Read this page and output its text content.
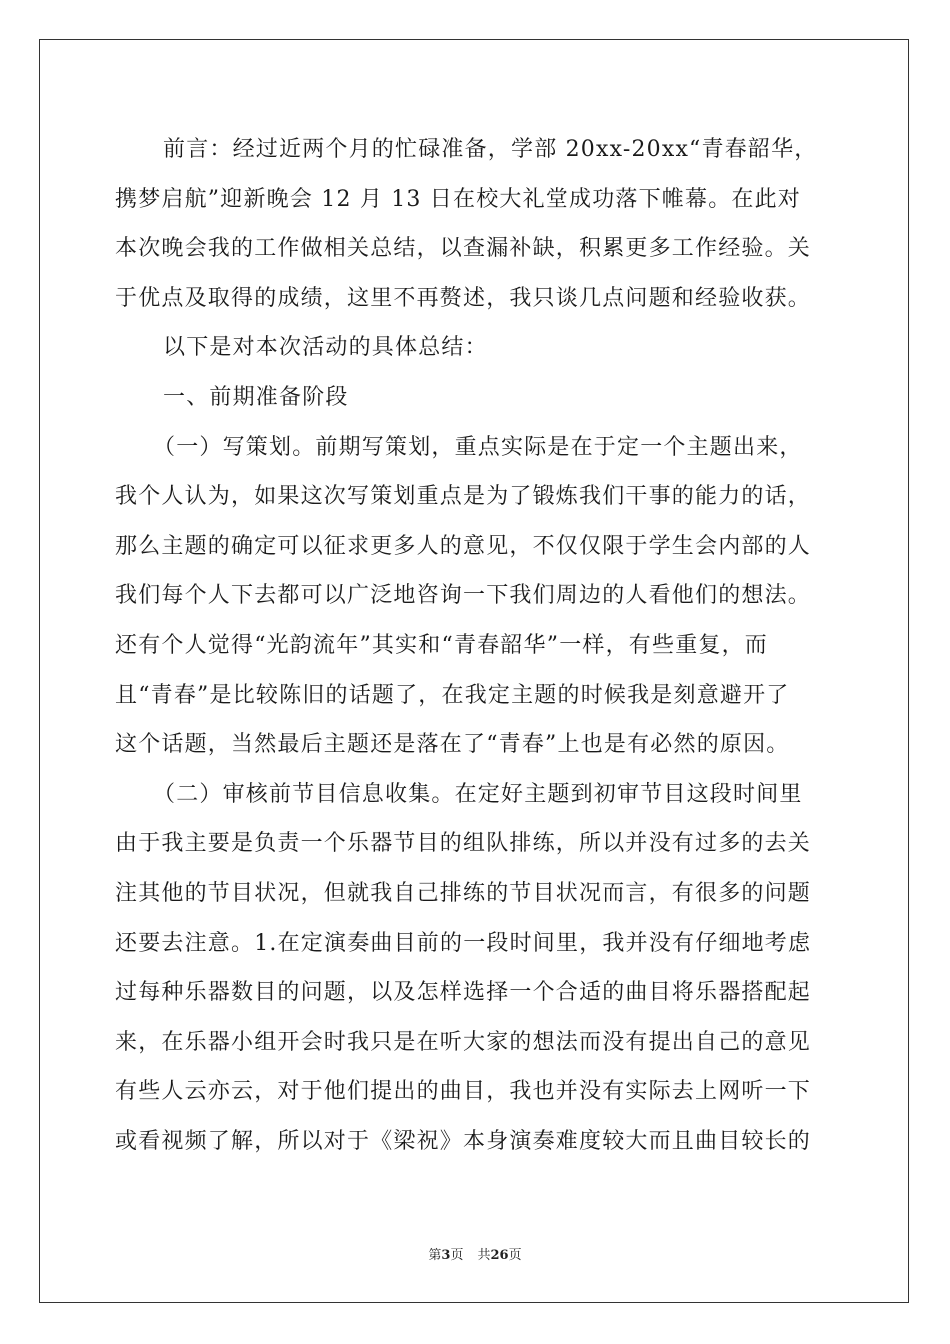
前言：经过近两个月的忙碌准备，学部 20xx-20xx“青春韶华，
携梦启航”迎新晚会 12 月 13 日在校大礼堂成功落下帷幕。在此对
本次晚会我的工作做相关总结，以查漏补缺，积累更多工作经验。关
于优点及取得的成绩，这里不再赘述，我只谈几点问题和经验收获。
以下是对本次活动的具体总结：
一、前期准备阶段
（一）写策划。前期写策划，重点实际是在于定一个主题出来，
我个人认为，如果这次写策划重点是为了锻炼我们干事的能力的话，
那么主题的确定可以征求更多人的意见，不仅仅限于学生会内部的人
我们每个人下去都可以广泛地咨询一下我们周边的人看他们的想法。
还有个人觉得“光韵流年”其实和“青春韶华”一样，有些重复，而
且“青春”是比较陈旧的话题了，在我定主题的时候我是刻意避开了
这个话题，当然最后主题还是落在了“青春”上也是有必然的原因。
（二）审核前节目信息收集。在定好主题到初审节目这段时间里
由于我主要是负责一个乐器节目的组队排练，所以并没有过多的去关
注其他的节目状况，但就我自己排练的节目状况而言，有很多的问题
还要去注意。1.在定演奏曲目前的一段时间里，我并没有仔细地考虑
过每种乐器数目的问题，以及怎样选择一个合适的曲目将乐器搭配起
来，在乐器小组开会时我只是在听大家的想法而没有提出自己的意见
有些人云亦云，对于他们提出的曲目，我也并没有实际去上网听一下
或看视频了解，所以对于《梁祝》本身演奏难度较大而且曲目较长的
第3页 共26页
